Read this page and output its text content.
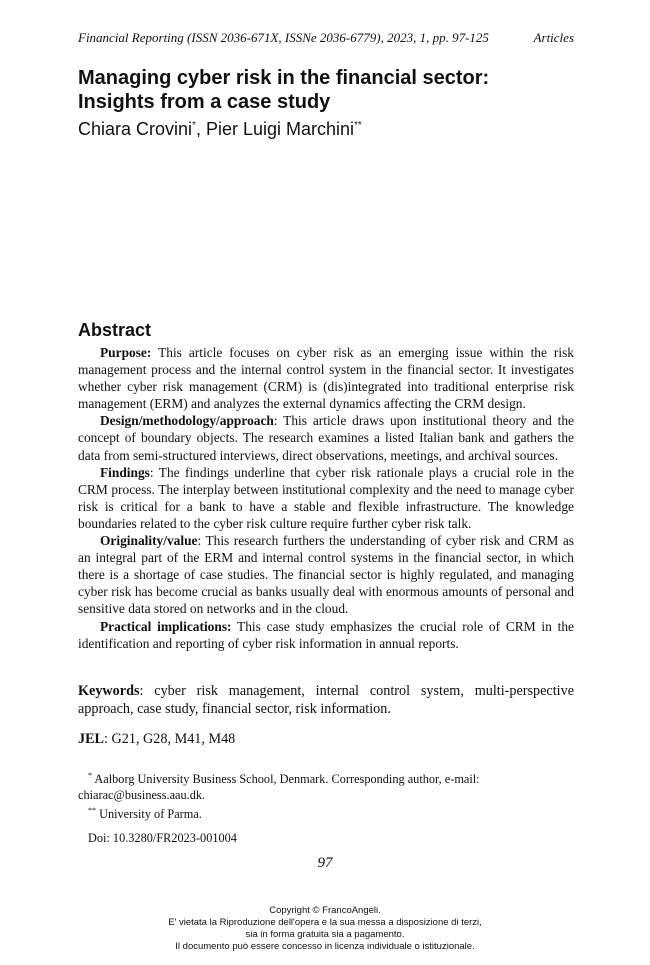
Financial Reporting (ISSN 2036-671X, ISSNe 2036-6779), 2023, 1, pp. 97-125	Articles
Managing cyber risk in the financial sector:
Insights from a case study
Chiara Crovini*, Pier Luigi Marchini**
Abstract

Purpose: This article focuses on cyber risk as an emerging issue within the risk management process and the internal control system in the financial sector. It investigates whether cyber risk management (CRM) is (dis)integrated into traditional enterprise risk management (ERM) and analyzes the external dynamics affecting the CRM design.

Design/methodology/approach: This article draws upon institutional theory and the concept of boundary objects. The research examines a listed Italian bank and gathers the data from semi-structured interviews, direct observations, meetings, and archival sources.

Findings: The findings underline that cyber risk rationale plays a crucial role in the CRM process. The interplay between institutional complexity and the need to manage cyber risk is critical for a bank to have a stable and flexible infrastructure. The knowledge boundaries related to the cyber risk culture require further cyber risk talk.

Originality/value: This research furthers the understanding of cyber risk and CRM as an integral part of the ERM and internal control systems in the financial sector, in which there is a shortage of case studies. The financial sector is highly regulated, and managing cyber risk has become crucial as banks usually deal with enormous amounts of personal and sensitive data stored on networks and in the cloud.

Practical implications: This case study emphasizes the crucial role of CRM in the identification and reporting of cyber risk information in annual reports.

Keywords: cyber risk management, internal control system, multi-perspective approach, case study, financial sector, risk information.
JEL: G21, G28, M41, M48

* Aalborg University Business School, Denmark. Corresponding author, e-mail: chiarac@business.aau.dk.

** University of Parma.

Doi: 10.3280/FR2023-001004
97
Copyright © FrancoAngeli.
E' vietata la Riproduzione dell'opera e la sua messa a disposizione di terzi,
sia in forma gratuita sia a pagamento.
Il documento può essere concesso in licenza individuale o istituzionale.
